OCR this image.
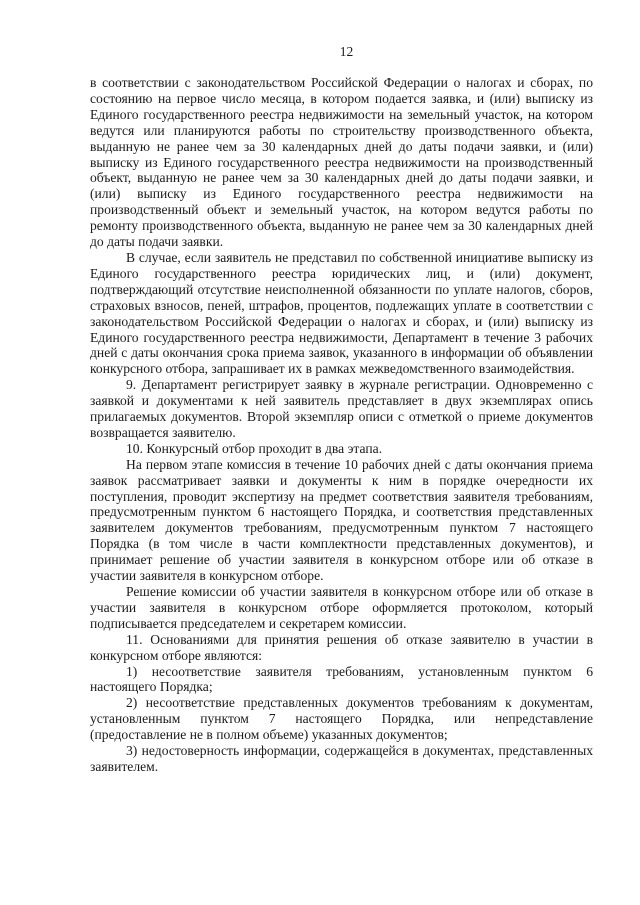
12

в соответствии с законодательством Российской Федерации о налогах и сборах, по состоянию на первое число месяца, в котором подается заявка, и (или) выписку из Единого государственного реестра недвижимости на земельный участок, на котором ведутся или планируются работы по строительству производственного объекта, выданную не ранее чем за 30 календарных дней до даты подачи заявки, и (или) выписку из Единого государственного реестра недвижимости на производственный объект, выданную не ранее чем за 30 календарных дней до даты подачи заявки, и (или) выписку из Единого государственного реестра недвижимости на производственный объект и земельный участок, на котором ведутся работы по ремонту производственного объекта, выданную не ранее чем за 30 календарных дней до даты подачи заявки.

В случае, если заявитель не представил по собственной инициативе выписку из Единого государственного реестра юридических лиц, и (или) документ, подтверждающий отсутствие неисполненной обязанности по уплате налогов, сборов, страховых взносов, пеней, штрафов, процентов, подлежащих уплате в соответствии с законодательством Российской Федерации о налогах и сборах, и (или) выписку из Единого государственного реестра недвижимости, Департамент в течение 3 рабочих дней с даты окончания срока приема заявок, указанного в информации об объявлении конкурсного отбора, запрашивает их в рамках межведомственного взаимодействия.

9. Департамент регистрирует заявку в журнале регистрации. Одновременно с заявкой и документами к ней заявитель представляет в двух экземплярах опись прилагаемых документов. Второй экземпляр описи с отметкой о приеме документов возвращается заявителю.

10. Конкурсный отбор проходит в два этапа.

На первом этапе комиссия в течение 10 рабочих дней с даты окончания приема заявок рассматривает заявки и документы к ним в порядке очередности их поступления, проводит экспертизу на предмет соответствия заявителя требованиям, предусмотренным пунктом 6 настоящего Порядка, и соответствия представленных заявителем документов требованиям, предусмотренным пунктом 7 настоящего Порядка (в том числе в части комплектности представленных документов), и принимает решение об участии заявителя в конкурсном отборе или об отказе в участии заявителя в конкурсном отборе.

Решение комиссии об участии заявителя в конкурсном отборе или об отказе в участии заявителя в конкурсном отборе оформляется протоколом, который подписывается председателем и секретарем комиссии.

11. Основаниями для принятия решения об отказе заявителю в участии в конкурсном отборе являются:

1) несоответствие заявителя требованиям, установленным пунктом 6 настоящего Порядка;

2) несоответствие представленных документов требованиям к документам, установленным пунктом 7 настоящего Порядка, или непредставление (предоставление не в полном объеме) указанных документов;

3) недостоверность информации, содержащейся в документах, представленных заявителем.
